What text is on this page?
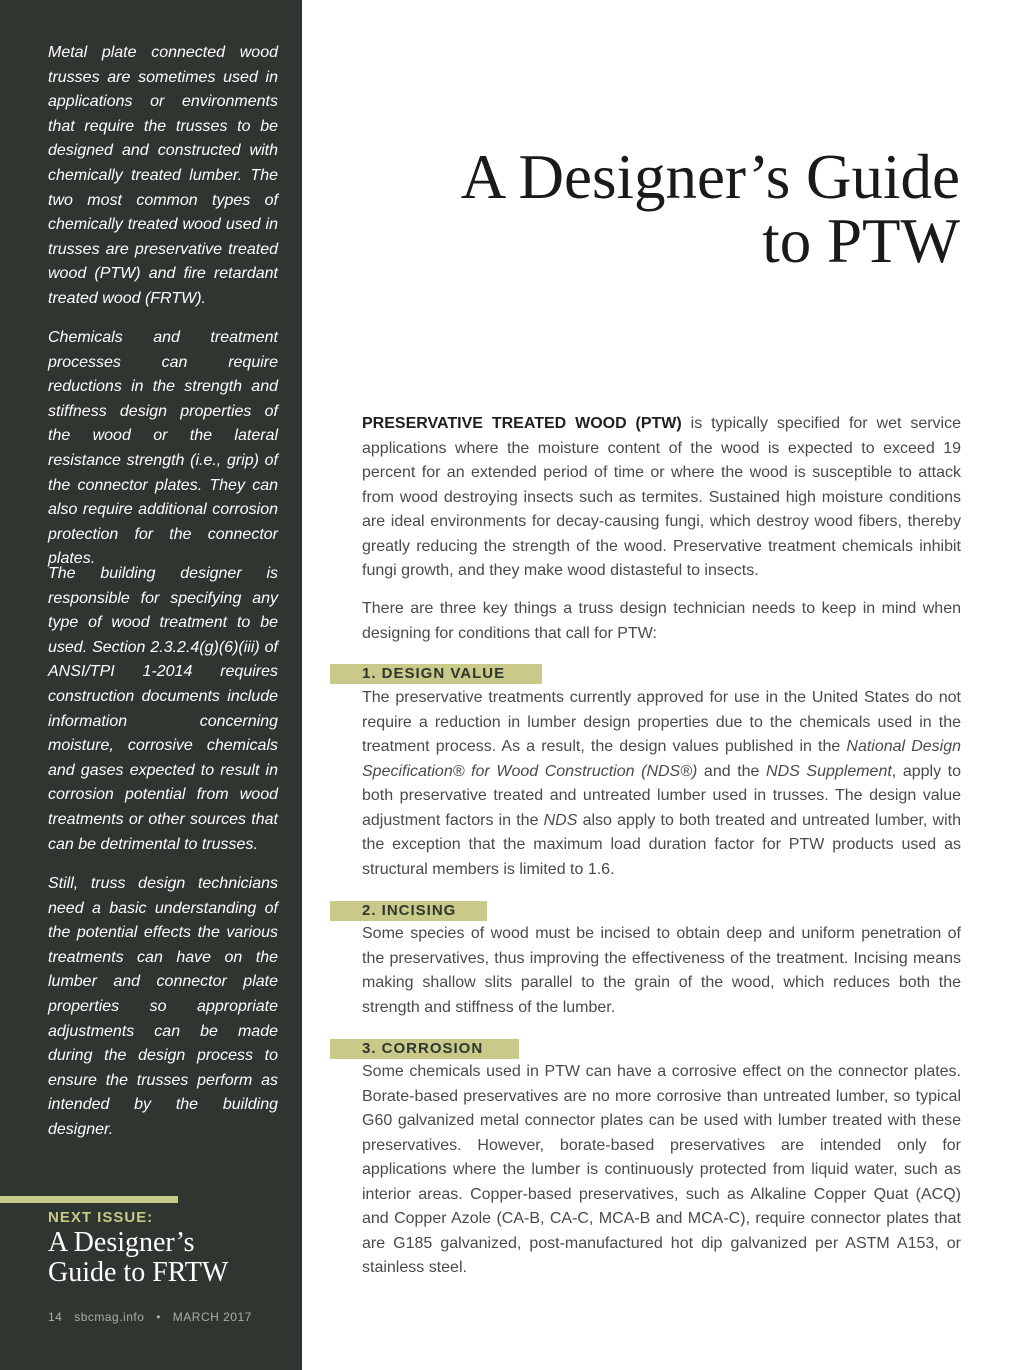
Metal plate connected wood trusses are sometimes used in applications or environments that require the trusses to be designed and constructed with chemically treated lumber. The two most common types of chemically treated wood used in trusses are preservative treated wood (PTW) and fire retardant treated wood (FRTW).

Chemicals and treatment processes can require reductions in the strength and stiffness design properties of the wood or the lateral resistance strength (i.e., grip) of the connector plates. They can also require additional corrosion protection for the connector plates.

The building designer is responsible for specifying any type of wood treatment to be used. Section 2.3.2.4(g)(6)(iii) of ANSI/TPI 1-2014 requires construction documents include information concerning moisture, corrosive chemicals and gases expected to result in corrosion potential from wood treatments or other sources that can be detrimental to trusses.

Still, truss design technicians need a basic understanding of the potential effects the various treatments can have on the lumber and connector plate properties so appropriate adjustments can be made during the design process to ensure the trusses perform as intended by the building designer.

NEXT ISSUE:
A Designer’s
Guide to FRTW
14 sbcmag.info • MARCH 2017
A Designer’s Guide
to PTW

PRESERVATIVE TREATED WOOD (PTW) is typically specified for wet service applications where the moisture content of the wood is expected to exceed 19 percent for an extended period of time or where the wood is susceptible to attack from wood destroying insects such as termites. Sustained high moisture conditions are ideal environments for decay-causing fungi, which destroy wood fibers, thereby greatly reducing the strength of the wood. Preservative treatment chemicals inhibit fungi growth, and they make wood distasteful to insects.

There are three key things a truss design technician needs to keep in mind when designing for conditions that call for PTW:

1. DESIGN VALUE

The preservative treatments currently approved for use in the United States do not require a reduction in lumber design properties due to the chemicals used in the treatment process. As a result, the design values published in the National Design Specification® for Wood Construction (NDS®) and the NDS Supplement, apply to both preservative treated and untreated lumber used in trusses. The design value adjustment factors in the NDS also apply to both treated and untreated lumber, with the exception that the maximum load duration factor for PTW products used as structural members is limited to 1.6.

2. INCISING

Some species of wood must be incised to obtain deep and uniform penetration of the preservatives, thus improving the effectiveness of the treatment. Incising means making shallow slits parallel to the grain of the wood, which reduces both the strength and stiffness of the lumber.

3. CORROSION

Some chemicals used in PTW can have a corrosive effect on the connector plates. Borate-based preservatives are no more corrosive than untreated lumber, so typical G60 galvanized metal connector plates can be used with lumber treated with these preservatives. However, borate-based preservatives are intended only for applications where the lumber is continuously protected from liquid water, such as interior areas. Copper-based preservatives, such as Alkaline Copper Quat (ACQ) and Copper Azole (CA-B, CA-C, MCA-B and MCA-C), require connector plates that are G185 galvanized, post-manufactured hot dip galvanized per ASTM A153, or stainless steel.
